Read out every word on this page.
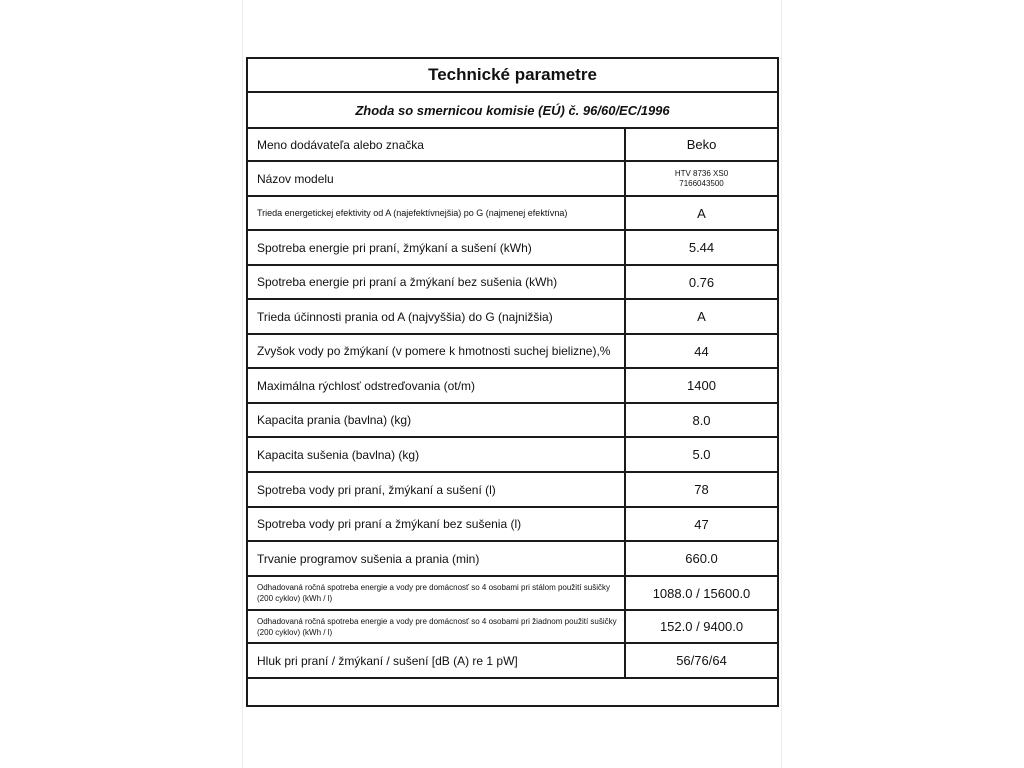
Technické parametre	
Zhoda so smernicou komisie (EÚ) č. 96/60/EC/1996	
Meno dodávateľa alebo značka	Beko
Názov modelu	HTV 8736 XS0
7166043500

Trieda energetickej efektivity od A (najefektívnejšia) po G (najmenej efektívna)	A
Spotreba energie pri praní, žmýkaní a sušení (kWh)	5.44
Spotreba energie pri praní a žmýkaní bez sušenia (kWh)	0.76
Trieda účinnosti prania od A (najvyššia) do G (najnižšia)	A
Zvyšok vody po žmýkaní (v pomere k hmotnosti suchej bielizne),%	44
Maximálna rýchlosť odstreďovania (ot/m)	1400
Kapacita prania (bavlna) (kg)	8.0
Kapacita sušenia (bavlna) (kg)	5.0
Spotreba vody pri praní, žmýkaní a sušení (l)	78
Spotreba vody pri praní a žmýkaní bez sušenia (l)	47
Trvanie programov sušenia a prania (min)	660.0
Odhadovaná ročná spotreba energie a vody pre domácnosť so 4 osobami pri stálom použití sušičky (200 cyklov) (kWh / l)	1088.0 / 15600.0
Odhadovaná ročná spotreba energie a vody pre domácnosť so 4 osobami pri žiadnom použití sušičky (200 cyklov) (kWh / l)	152.0 / 9400.0
Hluk pri praní / žmýkaní / sušení [dB (A) re 1 pW]	56/76/64
